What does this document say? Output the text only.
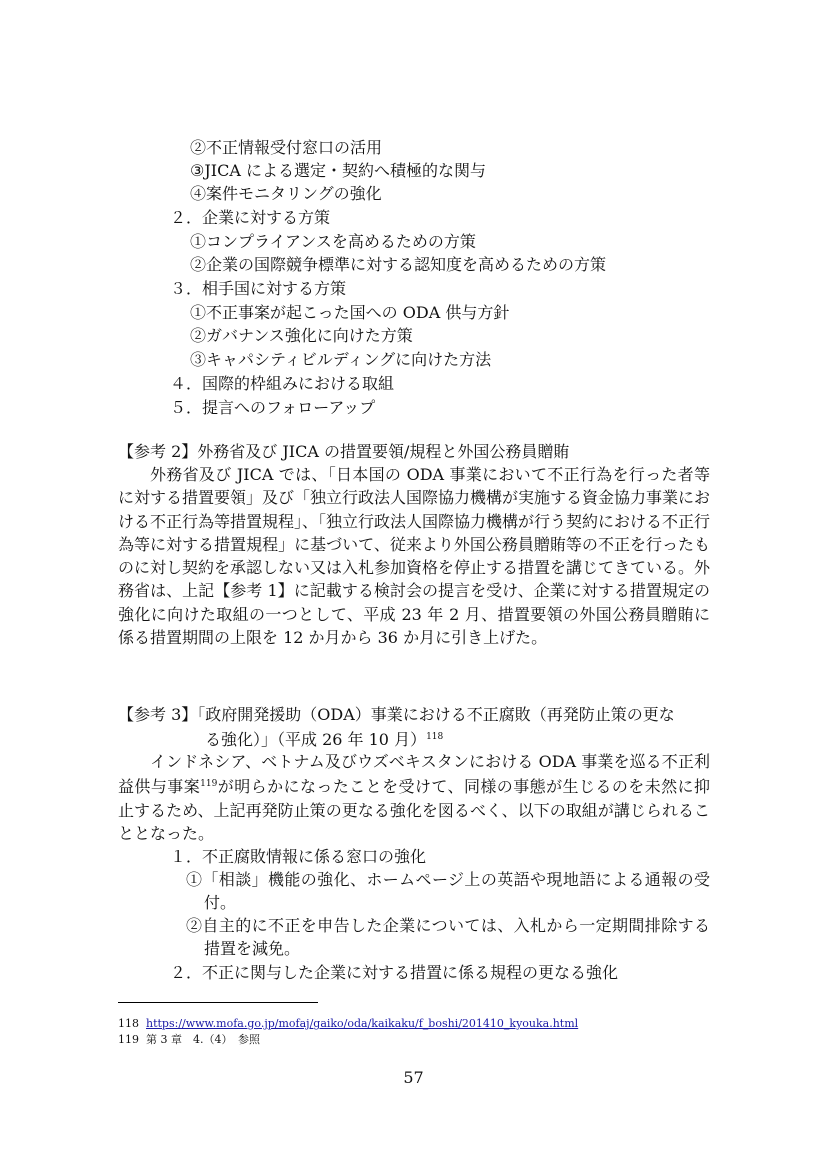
②不正情報受付窓口の活用
③JICA による選定・契約へ積極的な関与
④案件モニタリングの強化
２．企業に対する方策
①コンプライアンスを高めるための方策
②企業の国際競争標準に対する認知度を高めるための方策
３．相手国に対する方策
①不正事案が起こった国への ODA 供与方針
②ガバナンス強化に向けた方策
③キャパシティビルディングに向けた方法
４．国際的枠組みにおける取組
５．提言へのフォローアップ
【参考 2】外務省及び JICA の措置要領/規程と外国公務員贈賄
外務省及び JICA では、「日本国の ODA 事業において不正行為を行った者等に対する措置要領」及び「独立行政法人国際協力機構が実施する資金協力事業における不正行為等措置規程」、「独立行政法人国際協力機構が行う契約における不正行為等に対する措置規程」に基づいて、従来より外国公務員贈賄等の不正を行ったものに対し契約を承認しない又は入札参加資格を停止する措置を講じてきている。外務省は、上記【参考 1】に記載する検討会の提言を受け、企業に対する措置規定の強化に向けた取組の一つとして、平成 23 年 2 月、措置要領の外国公務員贈賄に係る措置期間の上限を 12 か月から 36 か月に引き上げた。
【参考 3】「政府開発援助（ODA）事業における不正腐敗（再発防止策の更な
る強化）」（平成 26 年 10 月）$^{118}$
インドネシア、ベトナム及びウズベキスタンにおける ODA 事業を巡る不正利益供与事案$^{119}$が明らかになったことを受けて、同様の事態が生じるのを未然に抑止するため、上記再発防止策の更なる強化を図るべく、以下の取組が講じられることとなった。
１．不正腐敗情報に係る窓口の強化
①「相談」機能の強化、ホームページ上の英語や現地語による通報の受付。
②自主的に不正を申告した企業については、入札から一定期間排除する措置を減免。
２．不正に関与した企業に対する措置に係る規程の更なる強化
118 https://www.mofa.go.jp/mofaj/gaiko/oda/kaikaku/f_boshi/201410_kyouka.html
119 第 3 章　4.（4）　参照
57
